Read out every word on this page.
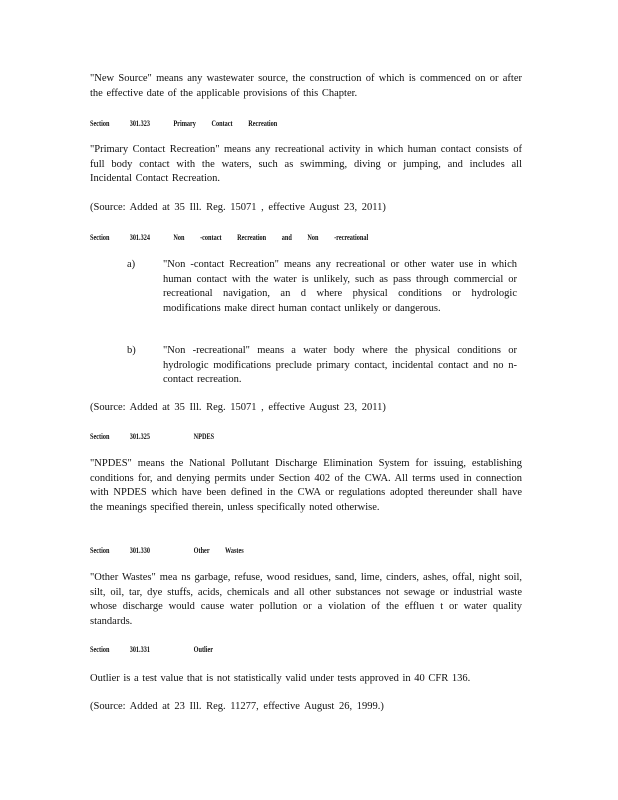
"New Source" means any wastewater source, the construction of which is commenced on or after the effective date of the applicable provisions of this Chapter.
Section	301.323	Primary Contact Recreation
"Primary Contact Recreation" means any recreational activity in which human contact consists of full body contact with the waters, such as swimming, diving or jumping, and includes all Incidental Contact Recreation.
(Source: Added at 35 Ill. Reg. 15071 , effective August 23, 2011)
Section	301.324	Non -contact Recreation and Non -recreational
a)	"Non -contact Recreation" means any recreational or other water use in which human contact with the water is unlikely, such as pass through commercial or recreational navigation, an d where physical conditions or hydrologic modifications make direct human contact unlikely or dangerous.
b)	"Non -recreational" means a water body where the physical conditions or hydrologic modifications preclude primary contact, incidental contact and no n-contact recreation.
(Source: Added at 35 Ill. Reg. 15071 , effective August 23, 2011)
Section	301.325	NPDES
"NPDES" means the National Pollutant Discharge Elimination System for issuing, establishing conditions for, and denying permits under Section 402 of the CWA. All terms used in connection with NPDES which have been defined in the CWA or regulations adopted thereunder shall have the meanings specified therein, unless specifically noted otherwise.
Section	301.330	Other Wastes
"Other Wastes" mea ns garbage, refuse, wood residues, sand, lime, cinders, ashes, offal, night soil, silt, oil, tar, dye stuffs, acids, chemicals and all other substances not sewage or industrial waste whose discharge would cause water pollution or a violation of the effluen t or water quality standards.
Section	301.331	Outlier
Outlier is a test value that is not statistically valid under tests approved in 40 CFR 136.
(Source: Added at 23 Ill. Reg. 11277, effective August 26, 1999.)
